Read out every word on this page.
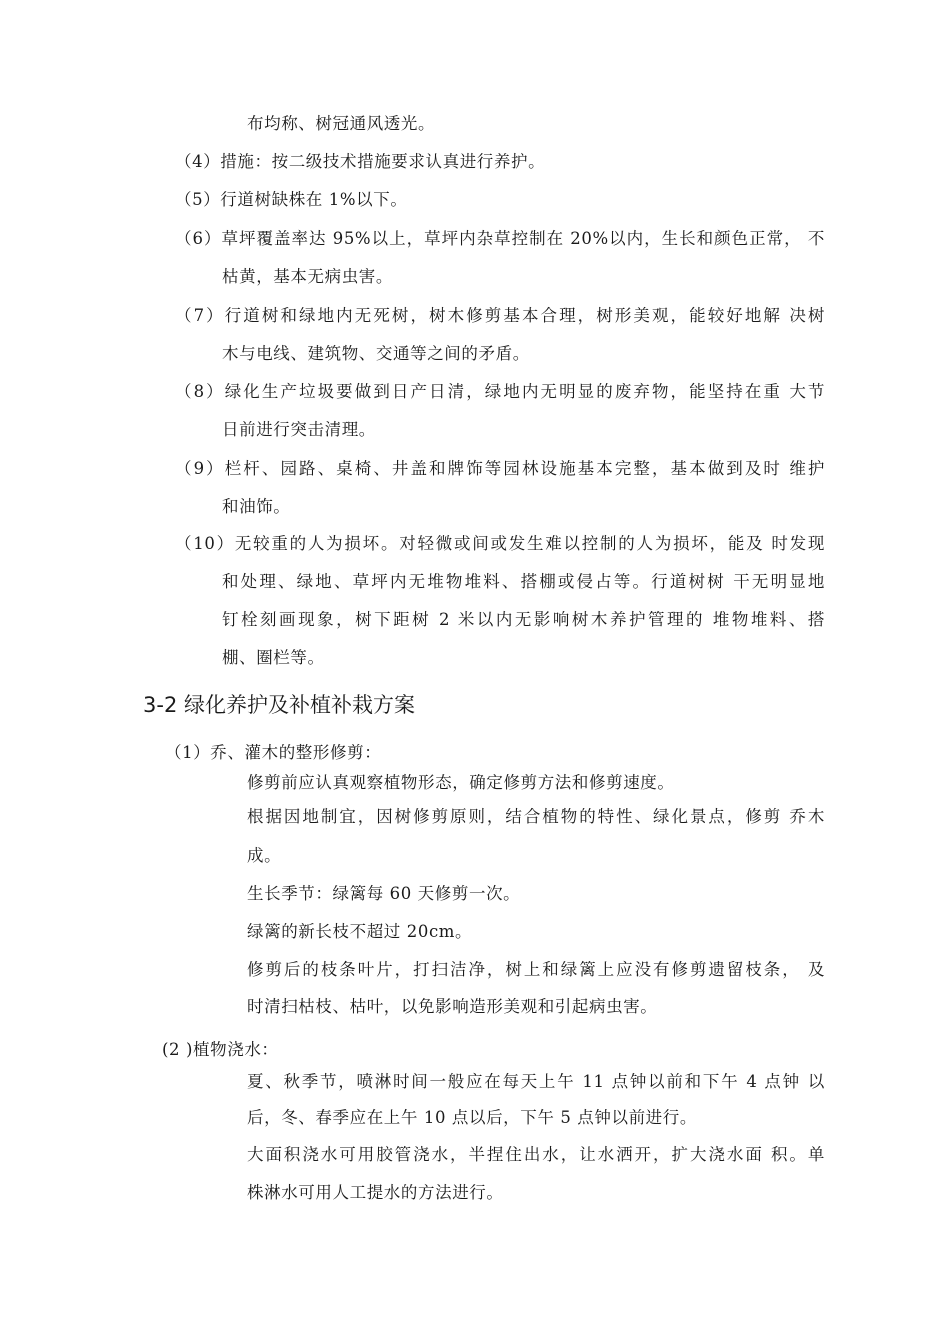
布均称、树冠通风透光。
（4）措施：按二级技术措施要求认真进行养护。
（5）行道树缺株在 1%以下。
（6）草坪覆盖率达 95%以上，草坪内杂草控制在 20%以内，生长和颜色正常， 不
枯黄，基本无病虫害。
（7）行道树和绿地内无死树，树木修剪基本合理，树形美观，能较好地解 决树
木与电线、建筑物、交通等之间的矛盾。
（8）绿化生产垃圾要做到日产日清，绿地内无明显的废弃物，能坚持在重 大节
日前进行突击清理。
（9）栏杆、园路、桌椅、井盖和牌饰等园林设施基本完整，基本做到及时 维护
和油饰。
（10）无较重的人为损坏。对轻微或间或发生难以控制的人为损坏，能及 时发现
和处理、绿地、草坪内无堆物堆料、搭棚或侵占等。行道树树 干无明显地
钉栓刻画现象，树下距树 2 米以内无影响树木养护管理的 堆物堆料、搭
棚、圈栏等。
3-2 绿化养护及补植补栽方案
（1）乔、灌木的整形修剪：
修剪前应认真观察植物形态，确定修剪方法和修剪速度。
根据因地制宜，因树修剪原则，结合植物的特性、绿化景点，修剪 乔木
成。
生长季节：绿篱每 60 天修剪一次。
绿篱的新长枝不超过 20cm。
修剪后的枝条叶片，打扫洁净，树上和绿篱上应没有修剪遗留枝条， 及
时清扫枯枝、枯叶，以免影响造形美观和引起病虫害。
(2 )植物浇水：
夏、秋季节，喷淋时间一般应在每天上午 11 点钟以前和下午 4 点钟 以
后，冬、春季应在上午 10 点以后，下午 5 点钟以前进行。
大面积浇水可用胶管浇水，半捏住出水，让水洒开，扩大浇水面 积。单
株淋水可用人工提水的方法进行。
